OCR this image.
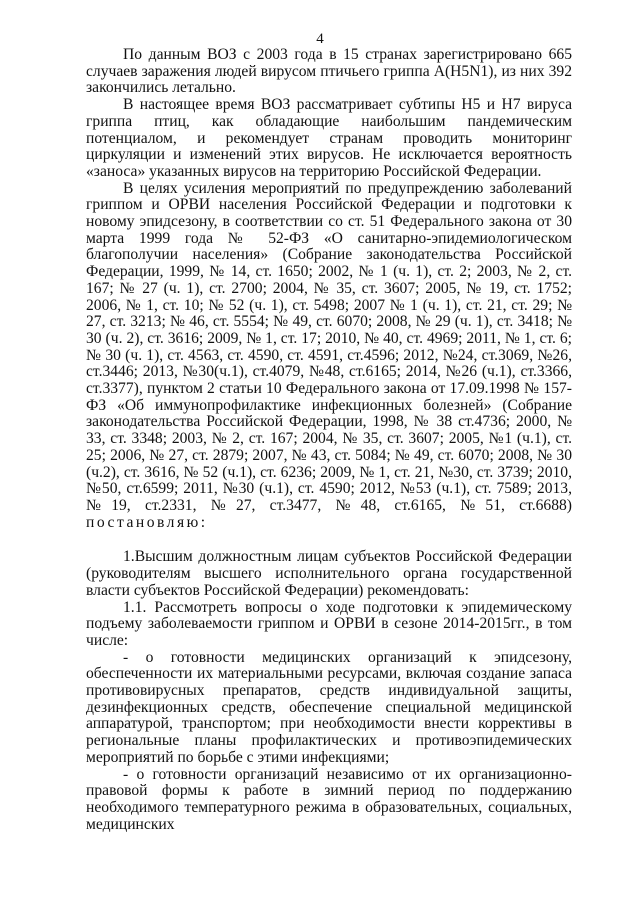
4

По данным ВОЗ с 2003 года в 15 странах зарегистрировано 665 случаев заражения людей вирусом птичьего гриппа A(H5N1), из них 392 закончились летально.

В настоящее время ВОЗ рассматривает субтипы H5 и H7 вируса гриппа птиц, как обладающие наибольшим пандемическим потенциалом, и рекомендует странам проводить мониторинг циркуляции и изменений этих вирусов. Не исключается вероятность «заноса» указанных вирусов на территорию Российской Федерации.

В целях усиления мероприятий по предупреждению заболеваний гриппом и ОРВИ населения Российской Федерации и подготовки к новому эпидсезону, в соответствии со ст. 51 Федерального закона от 30 марта 1999 года № 52-ФЗ «О санитарно-эпидемиологическом благополучии населения» (Собрание законодательства Российской Федерации, 1999, № 14, ст. 1650; 2002, № 1 (ч. 1), ст. 2; 2003, № 2, ст. 167; № 27 (ч. 1), ст. 2700; 2004, № 35, ст. 3607; 2005, № 19, ст. 1752; 2006, № 1, ст. 10; № 52 (ч. 1), ст. 5498; 2007 № 1 (ч. 1), ст. 21, ст. 29; № 27, ст. 3213; № 46, ст. 5554; № 49, ст. 6070; 2008, № 29 (ч. 1), ст. 3418; № 30 (ч. 2), ст. 3616; 2009, № 1, ст. 17; 2010, № 40, ст. 4969; 2011, № 1, ст. 6; № 30 (ч. 1), ст. 4563, ст. 4590, ст. 4591, ст.4596; 2012, №24, ст.3069, №26, ст.3446; 2013, №30(ч.1), ст.4079, №48, ст.6165; 2014, №26 (ч.1), ст.3366, ст.3377), пунктом 2 статьи 10 Федерального закона от 17.09.1998 № 157-ФЗ «Об иммунопрофилактике инфекционных болезней» (Собрание законодательства Российской Федерации, 1998, № 38 ст.4736; 2000, № 33, ст. 3348; 2003, № 2, ст. 167; 2004, № 35, ст. 3607; 2005, №1 (ч.1), ст. 25; 2006, № 27, ст. 2879; 2007, № 43, ст. 5084; № 49, ст. 6070; 2008, № 30 (ч.2), ст. 3616, № 52 (ч.1), ст. 6236; 2009, № 1, ст. 21, №30, ст. 3739; 2010, №50, ст.6599; 2011, №30 (ч.1), ст. 4590; 2012, №53 (ч.1), ст. 7589; 2013, №19, ст.2331, №27, ст.3477, №48, ст.6165, №51, ст.6688) постановляю:

1.Высшим должностным лицам субъектов Российской Федерации (руководителям высшего исполнительного органа государственной власти субъектов Российской Федерации) рекомендовать:

1.1. Рассмотреть вопросы о ходе подготовки к эпидемическому подъему заболеваемости гриппом и ОРВИ в сезоне 2014-2015гг., в том числе:

- о готовности медицинских организаций к эпидсезону, обеспеченности их материальными ресурсами, включая создание запаса противовирусных препаратов, средств индивидуальной защиты, дезинфекционных средств, обеспечение специальной медицинской аппаратурой, транспортом; при необходимости внести коррективы в региональные планы профилактических и противоэпидемических мероприятий по борьбе с этими инфекциями;

- о готовности организаций независимо от их организационно-правовой формы к работе в зимний период по поддержанию необходимого температурного режима в образовательных, социальных, медицинских
